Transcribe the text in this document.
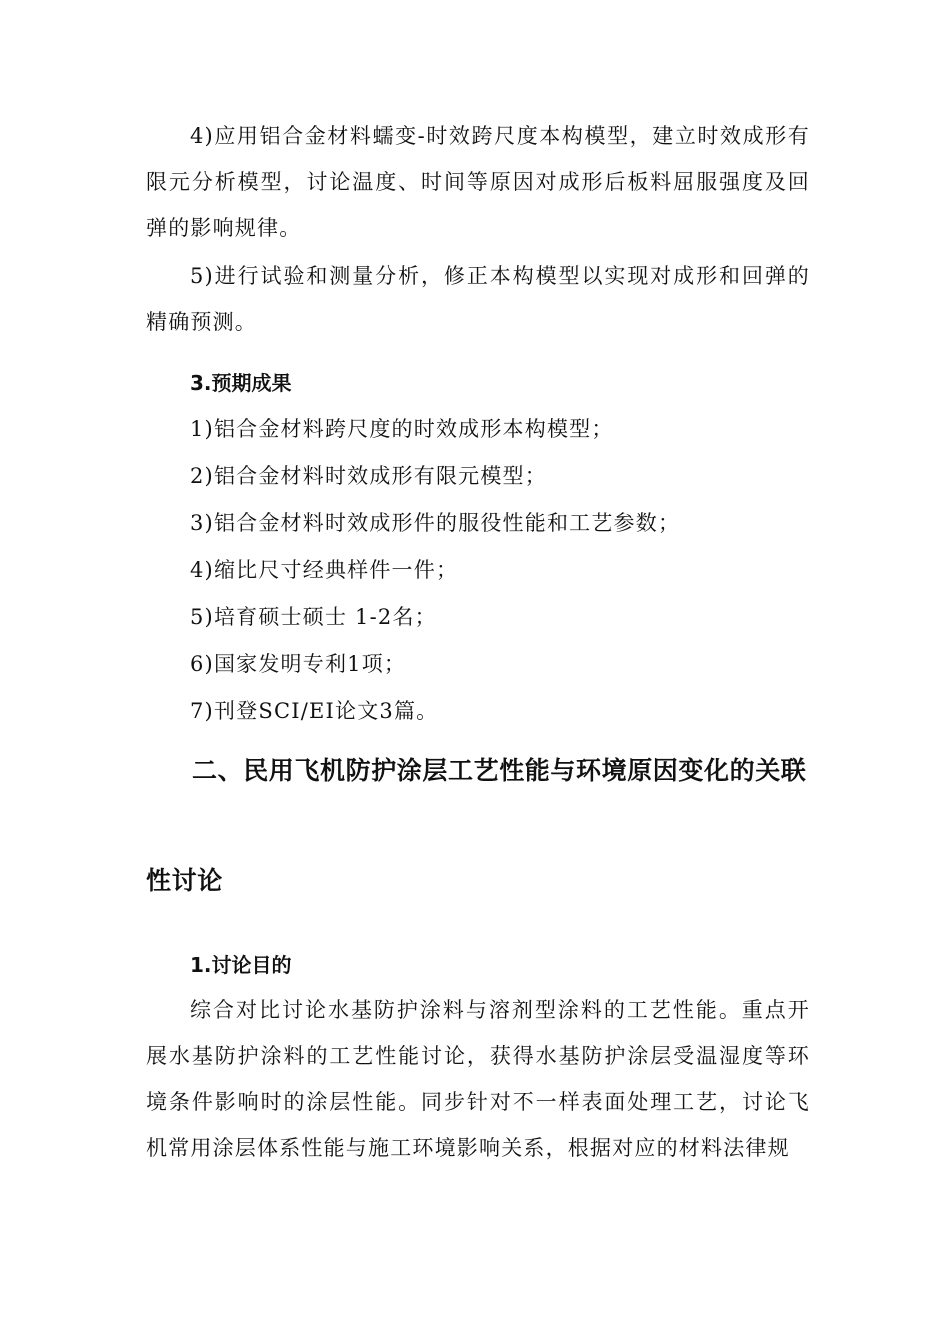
4)应用铝合金材料蠕变-时效跨尺度本构模型，建立时效成形有限元分析模型，讨论温度、时间等原因对成形后板料屈服强度及回弹的影响规律。

5)进行试验和测量分析，修正本构模型以实现对成形和回弹的精确预测。

3.预期成果

1)铝合金材料跨尺度的时效成形本构模型；

2)铝合金材料时效成形有限元模型；

3)铝合金材料时效成形件的服役性能和工艺参数；

4)缩比尺寸经典样件一件；

5)培育硕士硕士 1-2名；

6)国家发明专利1项；

7)刊登SCI/EI论文3篇。

二、民用飞机防护涂层工艺性能与环境原因变化的关联性讨论
1.讨论目的

综合对比讨论水基防护涂料与溶剂型涂料的工艺性能。重点开展水基防护涂料的工艺性能讨论，获得水基防护涂层受温湿度等环境条件影响时的涂层性能。同步针对不一样表面处理工艺，讨论飞机常用涂层体系性能与施工环境影响关系，根据对应的材料法律规
